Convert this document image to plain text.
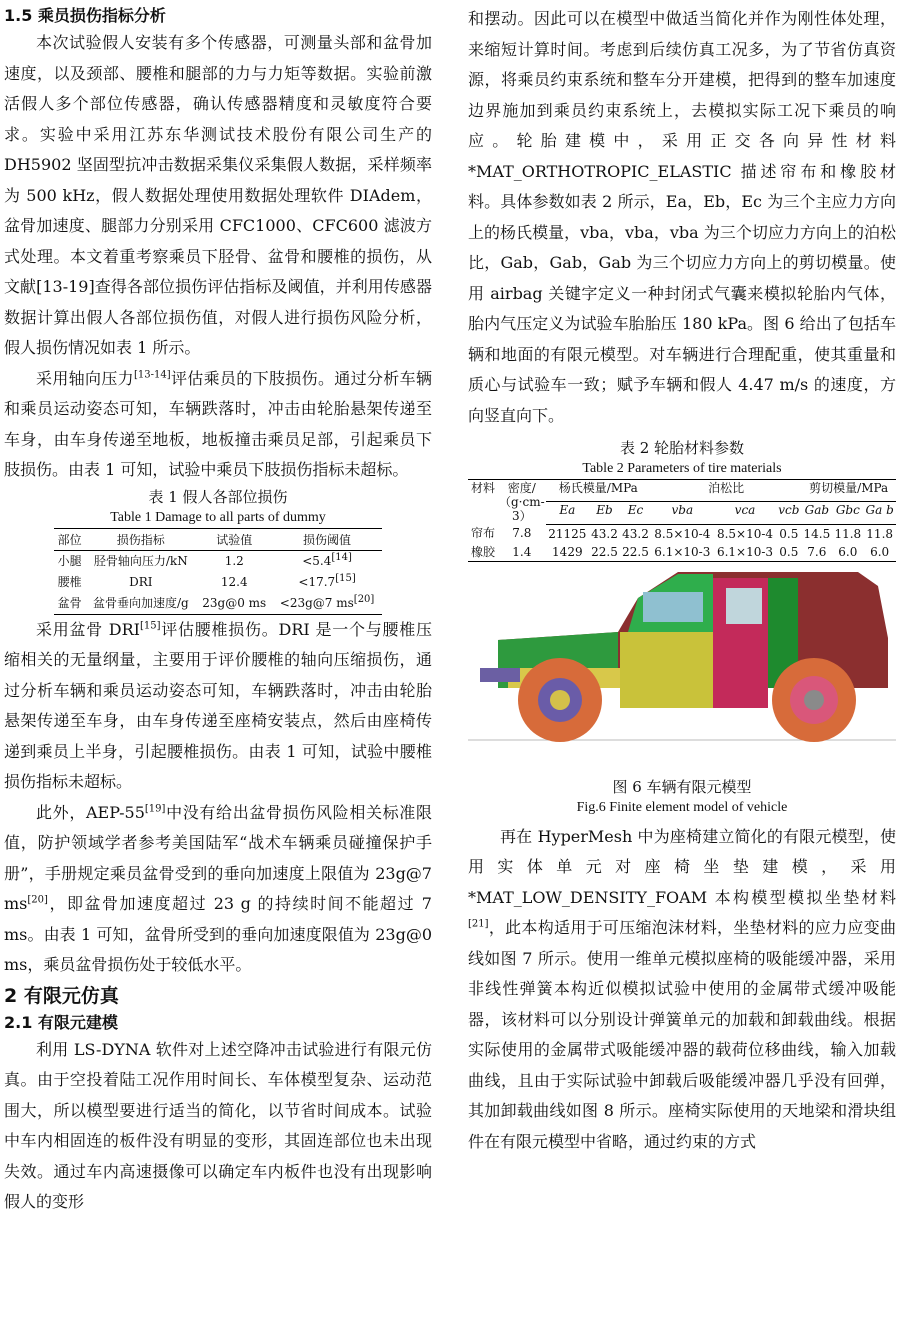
1.5 乘员损伤指标分析

本次试验假人安装有多个传感器，可测量头部和盆骨加速度，以及颈部、腰椎和腿部的力与力矩等数据。实验前激活假人多个部位传感器，确认传感器精度和灵敏度符合要求。实验中采用江苏东华测试技术股份有限公司生产的 DH5902 坚固型抗冲击数据采集仪采集假人数据，采样频率为 500 kHz，假人数据处理使用数据处理软件 DIAdem，盆骨加速度、腿部力分别采用 CFC1000、CFC600 滤波方式处理。本文着重考察乘员下胫骨、盆骨和腰椎的损伤，从文献[13-19]查得各部位损伤评估指标及阈值，并利用传感器数据计算出假人各部位损伤值，对假人进行损伤风险分析，假人损伤情况如表 1 所示。

采用轴向压力[13-14]评估乘员的下肢损伤。通过分析车辆和乘员运动姿态可知，车辆跌落时，冲击由轮胎悬架传递至车身，由车身传递至地板，地板撞击乘员足部，引起乘员下肢损伤。由表 1 可知，试验中乘员下肢损伤指标未超标。

表 1 假人各部位损伤
Table 1 Damage to all parts of dummy
部位	损伤指标	试验值	损伤阈值
小腿	胫骨轴向压力/kN	1.2	<5.4[14]
腰椎	DRI	12.4	<17.7[15]
盆骨	盆骨垂向加速度/g	23g@0 ms	<23g@7 ms[20]

采用盆骨 DRI[15]评估腰椎损伤。DRI 是一个与腰椎压缩相关的无量纲量，主要用于评价腰椎的轴向压缩损伤，通过分析车辆和乘员运动姿态可知，车辆跌落时，冲击由轮胎悬架传递至车身，由车身传递至座椅安装点，然后由座椅传递到乘员上半身，引起腰椎损伤。由表 1 可知，试验中腰椎损伤指标未超标。

此外，AEP-55[19]中没有给出盆骨损伤风险相关标准限值，防护领域学者参考美国陆军“战术车辆乘员碰撞保护手册”，手册规定乘员盆骨受到的垂向加速度上限值为 23g@7 ms[20]，即盆骨加速度超过 23 g 的持续时间不能超过 7 ms。由表 1 可知，盆骨所受到的垂向加速度限值为 23g@0 ms，乘员盆骨损伤处于较低水平。

2 有限元仿真
2.1 有限元建模

利用 LS-DYNA 软件对上述空降冲击试验进行有限元仿真。由于空投着陆工况作用时间长、车体模型复杂、运动范围大，所以模型要进行适当的简化，以节省时间成本。试验中车内相固连的板件没有明显的变形，其固连部位也未出现失效。通过车内高速摄像可以确定车内板件也没有出现影响假人的变形

和摆动。因此可以在模型中做适当简化并作为刚性体处理，来缩短计算时间。考虑到后续仿真工况多，为了节省仿真资源，将乘员约束系统和整车分开建模，把得到的整车加速度边界施加到乘员约束系统上，去模拟实际工况下乘员的响应。轮胎建模中，采用正交各向异性材料*MAT_ORTHOTROPIC_ELASTIC 描述帘布和橡胶材料。具体参数如表 2 所示，Ea，Eb，Ec 为三个主应力方向上的杨氏模量，vba，vba，vba 为三个切应力方向上的泊松比，Gab，Gab，Gab 为三个切应力方向上的剪切模量。使用 airbag 关键字定义一种封闭式气囊来模拟轮胎内气体，胎内气压定义为试验车胎胎压 180 kPa。图 6 给出了包括车辆和地面的有限元模型。对车辆进行合理配重，使其重量和质心与试验车一致；赋予车辆和假人 4.47 m/s 的速度，方向竖直向下。

表 2 轮胎材料参数
Table 2 Parameters of tire materials
材料	密度/（g·cm-3）	杨氏模量/MPa			泊松比			剪切模量/MPa		
		Ea	Eb	Ec	vba	vca	vcb	Gab	Gbc	Ga b
帘布	7.8	21125	43.2	43.2	8.5×10-4	8.5×10-4	0.5	14.5	11.8	11.8
橡胶	1.4	1429	22.5	22.5	6.1×10-3	6.1×10-3	0.5	7.6	6.0	6.0
图 6 车辆有限元模型
Fig.6 Finite element model of vehicle

再在 HyperMesh 中为座椅建立简化的有限元模型，使用实体单元对座椅坐垫建模，采用*MAT_LOW_DENSITY_FOAM 本构模型模拟坐垫材料[21]，此本构适用于可压缩泡沫材料，坐垫材料的应力应变曲线如图 7 所示。使用一维单元模拟座椅的吸能缓冲器，采用非线性弹簧本构近似模拟试验中使用的金属带式缓冲吸能器，该材料可以分别设计弹簧单元的加载和卸载曲线。根据实际使用的金属带式吸能缓冲器的载荷位移曲线，输入加载曲线，且由于实际试验中卸载后吸能缓冲器几乎没有回弹，其加卸载曲线如图 8 所示。座椅实际使用的天地梁和滑块组件在有限元模型中省略，通过约束的方式
